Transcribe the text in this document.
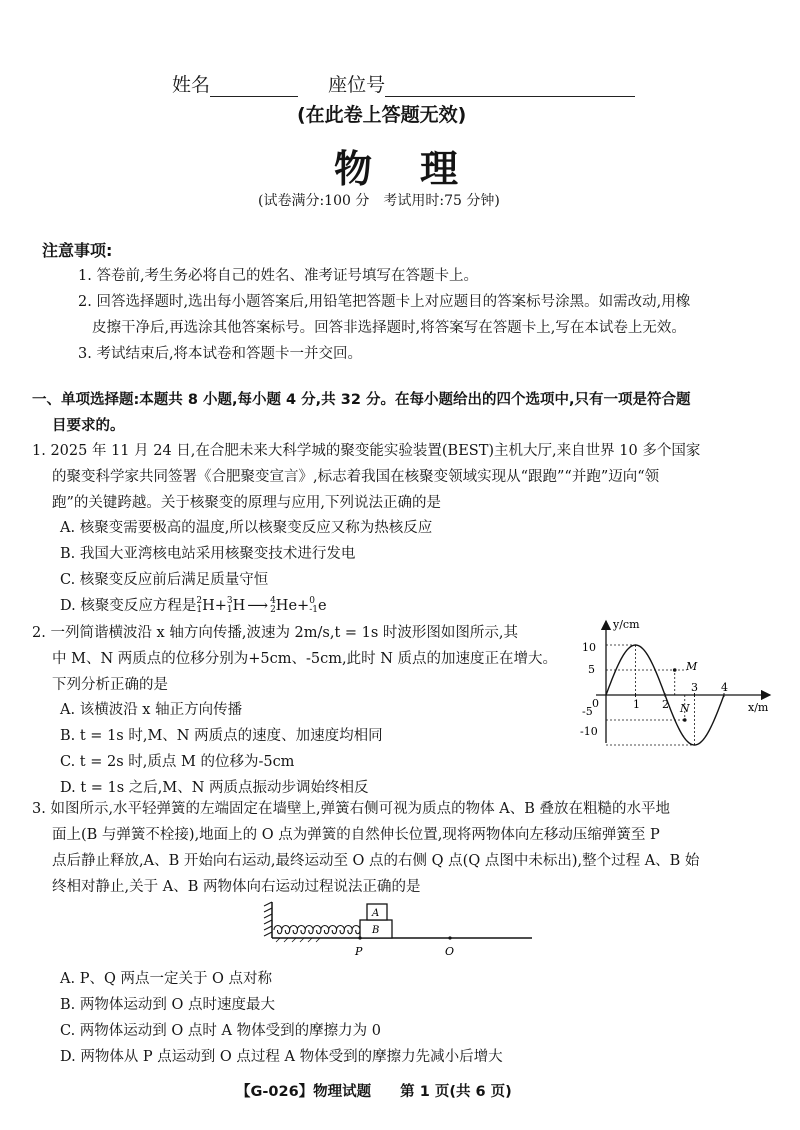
姓名	座位号
(在此卷上答题无效)
物理
(试卷满分:100 分　考试用时:75 分钟)
注意事项:
1. 答卷前,考生务必将自己的姓名、准考证号填写在答题卡上。
2. 回答选择题时,选出每小题答案后,用铅笔把答题卡上对应题目的答案标号涂黑。如需改动,用橡
皮擦干净后,再选涂其他答案标号。回答非选择题时,将答案写在答题卡上,写在本试卷上无效。
3. 考试结束后,将本试卷和答题卡一并交回。
一、单项选择题:本题共 8 小题,每小题 4 分,共 32 分。在每小题给出的四个选项中,只有一项是符合题
目要求的。
1. 2025 年 11 月 24 日,在合肥未来大科学城的聚变能实验装置(BEST)主机大厅,来自世界 10 多个国家
的聚变科学家共同签署《合肥聚变宣言》,标志着我国在核聚变领域实现从“跟跑”“并跑”迈向“领
跑”的关键跨越。关于核聚变的原理与应用,下列说法正确的是
A. 核聚变需要极高的温度,所以核聚变反应又称为热核反应
B. 我国大亚湾核电站采用核聚变技术进行发电
C. 核聚变反应前后满足质量守恒
D. 核聚变反应方程是 2
1 H+ 3
1 H ⟶ 4
2 He+ 0
-1 e
2. 一列简谐横波沿 x 轴方向传播,波速为 2m/s,t = 1s 时波形图如图所示,其
中 M、N 两质点的位移分别为+5cm、-5cm,此时 N 质点的加速度正在增大。
下列分析正确的是
A. 该横波沿 x 轴正方向传播
B. t = 1s 时,M、N 两质点的速度、加速度均相同
C. t = 2s 时,质点 M 的位移为-5cm
D. t = 1s 之后,M、N 两质点振动步调始终相反
y/cm
x/m
10
5
0
-5
-10
1 2
3 4
M
N
3. 如图所示,水平轻弹簧的左端固定在墙壁上,弹簧右侧可视为质点的物体 A、B 叠放在粗糙的水平地
面上(B 与弹簧不栓接),地面上的 O 点为弹簧的自然伸长位置,现将两物体向左移动压缩弹簧至 P
点后静止释放,A、B 开始向右运动,最终运动至 O 点的右侧 Q 点(Q 点图中未标出),整个过程 A、B 始
终相对静止,关于 A、B 两物体向右运动过程说法正确的是
A
B
P	O
A. P、Q 两点一定关于 O 点对称
B. 两物体运动到 O 点时速度最大
C. 两物体运动到 O 点时 A 物体受到的摩擦力为 0
D. 两物体从 P 点运动到 O 点过程 A 物体受到的摩擦力先减小后增大
【G-026】物理试题　　第 1 页(共 6 页)
